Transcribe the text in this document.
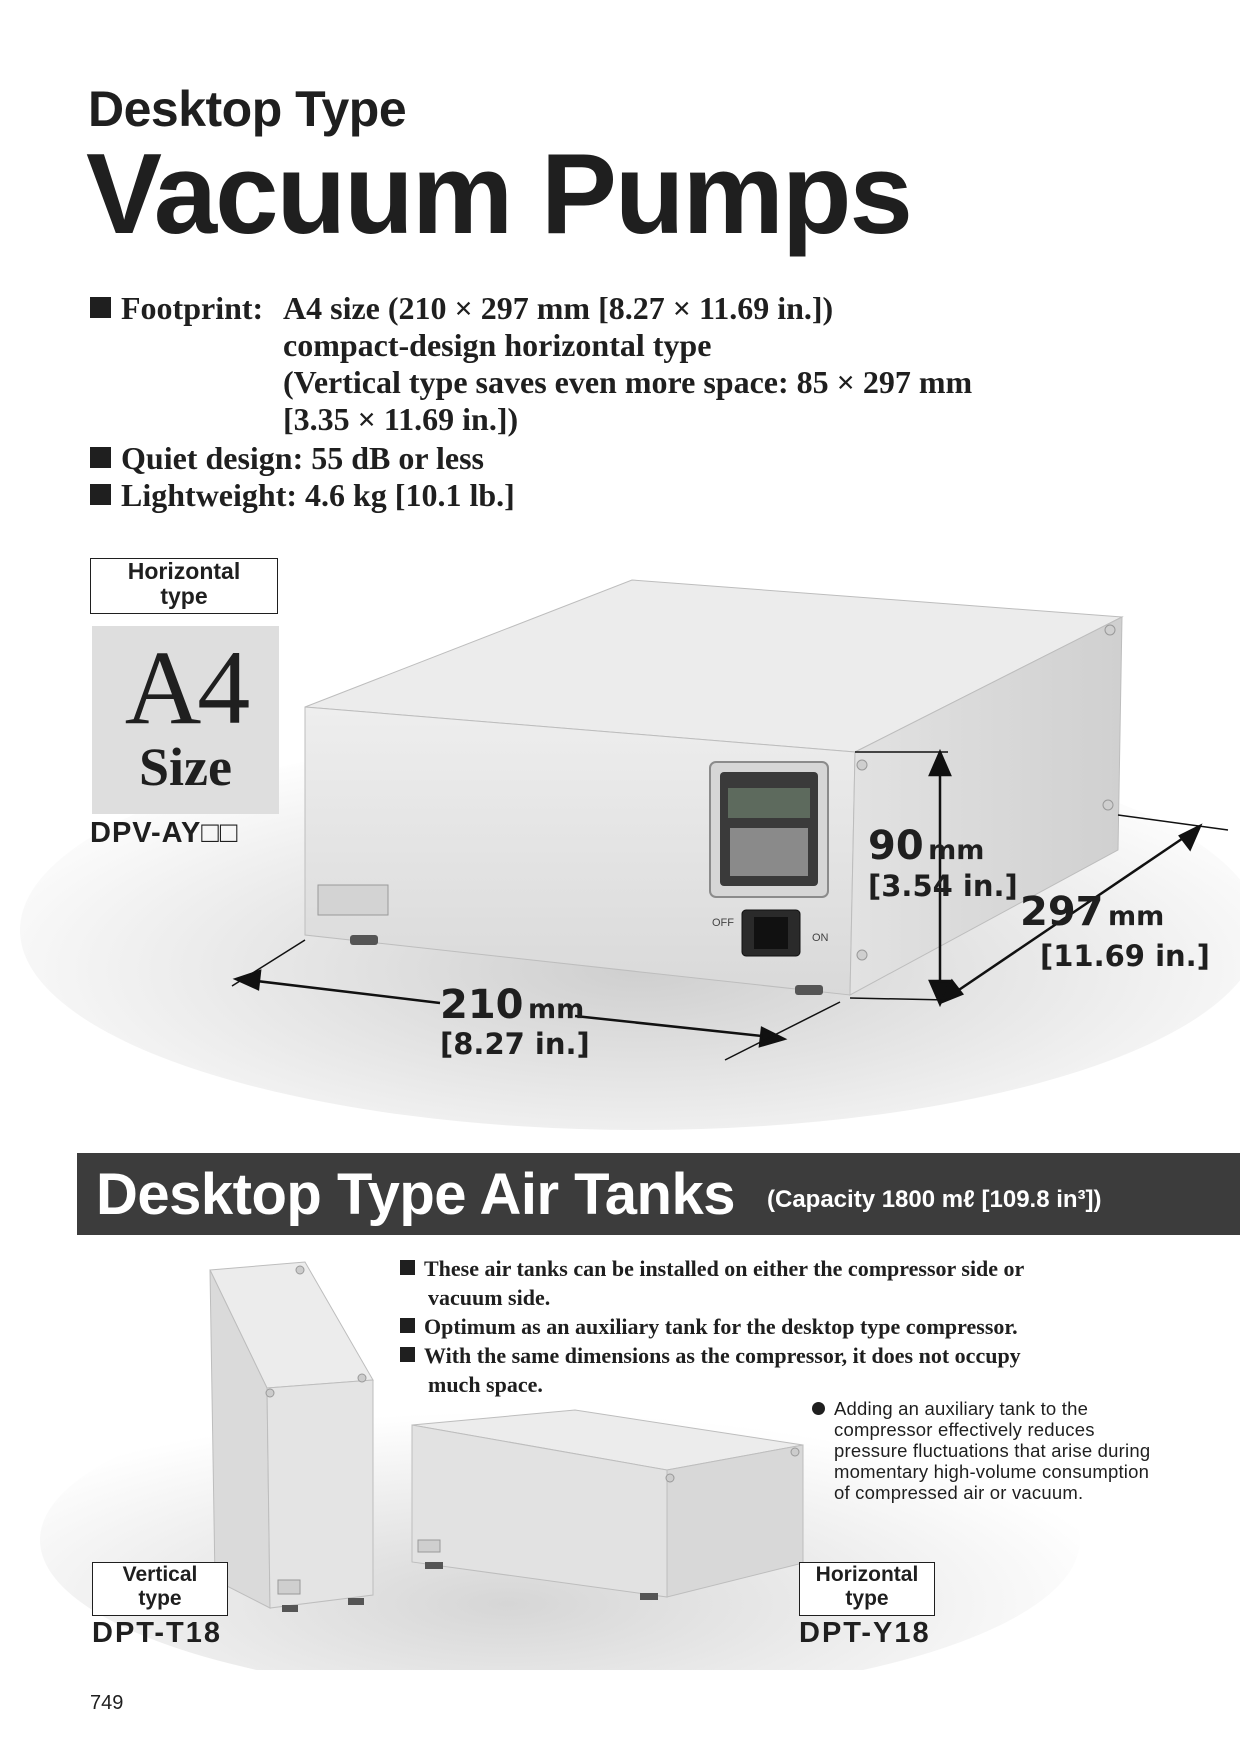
Desktop Type
Vacuum Pumps
Footprint: A4 size (210 × 297 mm [8.27 × 11.69 in.])
compact-design horizontal type
(Vertical type saves even more space: 85 × 297 mm
[3.35 × 11.69 in.])
Quiet design: 55 dB or less
Lightweight: 4.6 kg [10.1 lb.]
Horizontal
type
A4
Size
DPV-AY□□
OFF
ON
90 mm
[3.54 in.]
297 mm
[11.69 in.]
210 mm
[8.27 in.]
Desktop Type Air Tanks (Capacity 1800 mℓ [109.8 in³])
These air tanks can be installed on either the compressor side or
vacuum side.
Optimum as an auxiliary tank for the desktop type compressor.
With the same dimensions as the compressor, it does not occupy
much space.
Adding an auxiliary tank to the compressor effectively reduces pressure fluctuations that arise during momentary high-volume consumption of compressed air or vacuum.
Vertical
type
DPT-T18
Horizontal
type
DPT-Y18
749
